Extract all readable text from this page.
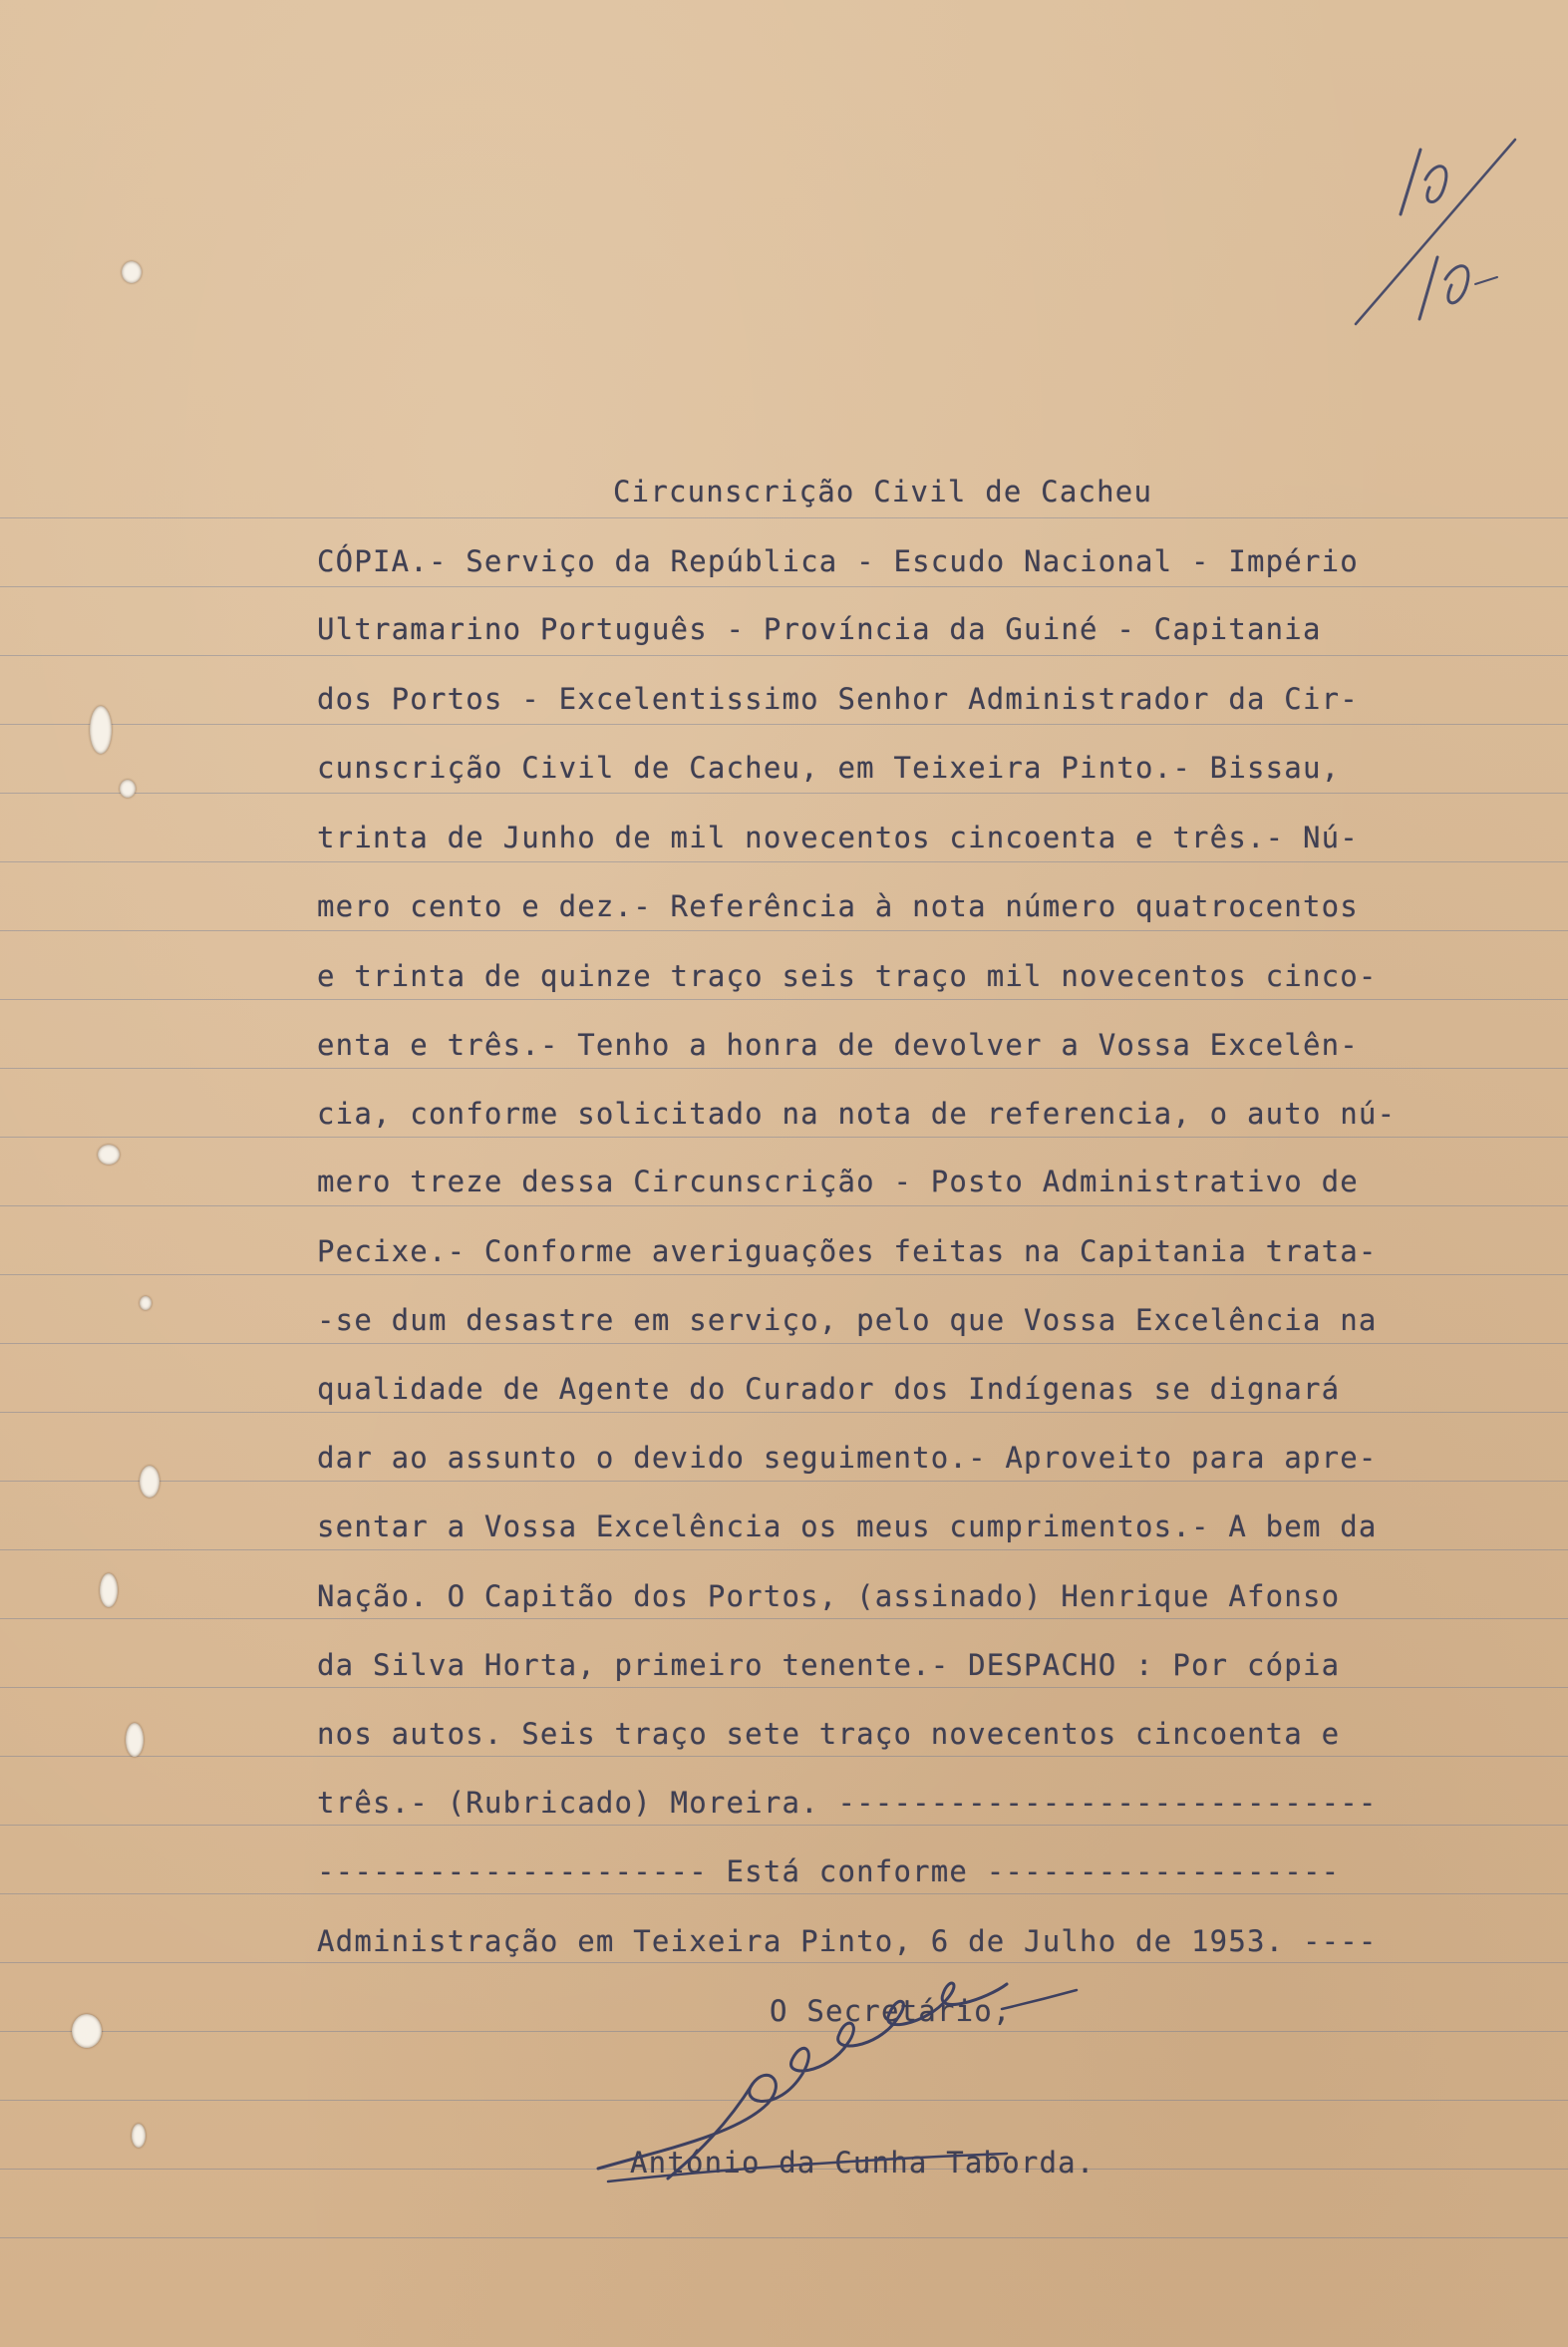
Circunscrição Civil de Cacheu
CÓPIA.- Serviço da República - Escudo Nacional - Império
Ultramarino Português - Província da Guiné - Capitania
dos Portos - Excelentissimo Senhor Administrador da Cir-
cunscrição Civil de Cacheu, em Teixeira Pinto.- Bissau,
trinta de Junho de mil novecentos cincoenta e três.- Nú-
mero cento e dez.- Referência à nota número quatrocentos
e trinta de quinze traço seis traço mil novecentos cinco-
enta e três.- Tenho a honra de devolver a Vossa Excelên-
cia, conforme solicitado na nota de referencia, o auto nú-
mero treze dessa Circunscrição - Posto Administrativo de
Pecixe.- Conforme averiguações feitas na Capitania trata-
-se dum desastre em serviço, pelo que Vossa Excelência na
qualidade de Agente do Curador dos Indígenas se dignará
dar ao assunto o devido seguimento.- Aproveito para apre-
sentar a Vossa Excelência os meus cumprimentos.- A bem da
Nação. O Capitão dos Portos, (assinado) Henrique Afonso
da Silva Horta, primeiro tenente.- DESPACHO : Por cópia
nos autos. Seis traço sete traço novecentos cincoenta e
três.- (Rubricado) Moreira. -----------------------------
--------------------- Está conforme -------------------
Administração em Teixeira Pinto, 6 de Julho de 1953. ----
O Secretário,
António da Cunha Taborda.
